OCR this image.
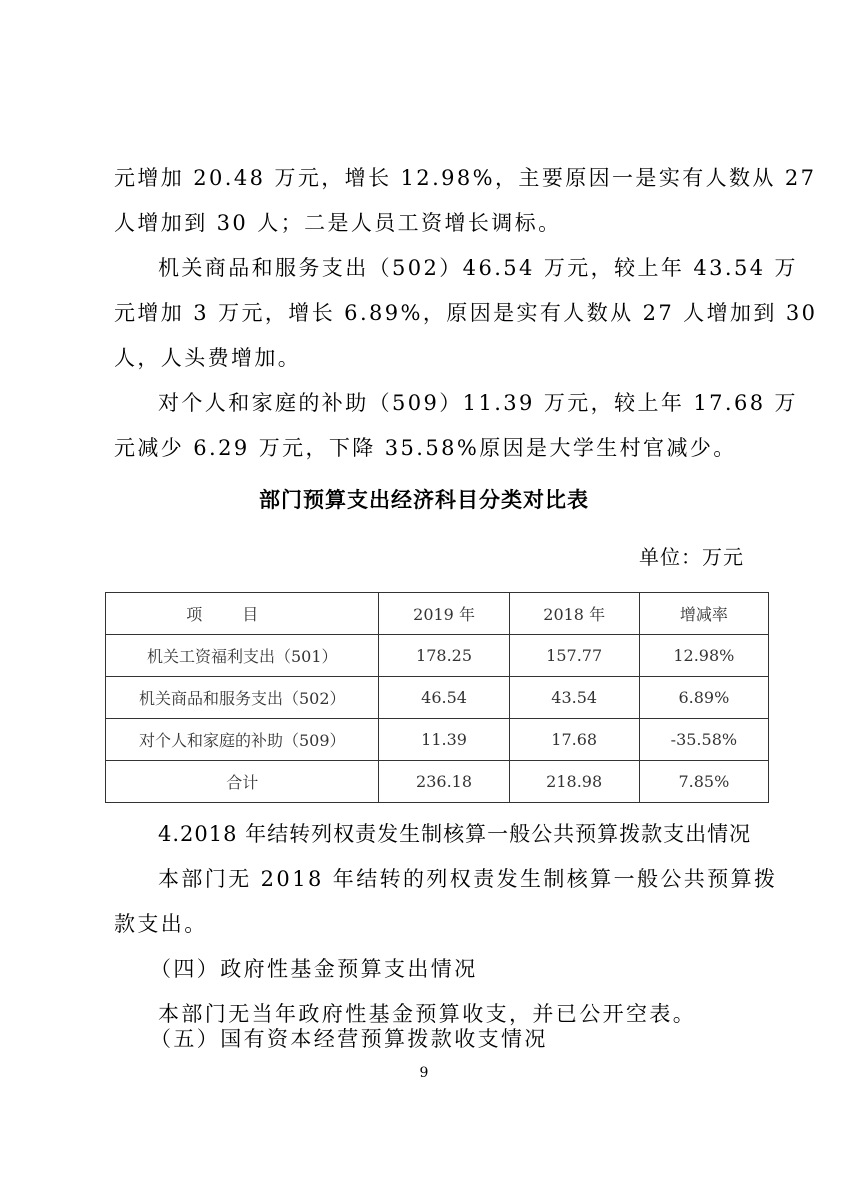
元增加 20.48 万元，增长 12.98%，主要原因一是实有人数从 27
人增加到 30 人；二是人员工资增长调标。
机关商品和服务支出（502）46.54 万元，较上年 43.54 万
元增加 3 万元，增长 6.89%，原因是实有人数从 27 人增加到 30
人，人头费增加。
对个人和家庭的补助（509）11.39 万元，较上年 17.68 万
元减少 6.29 万元，下降 35.58%原因是大学生村官减少。
部门预算支出经济科目分类对比表
单位：万元
项目	2019 年	2018 年	增减率
机关工资福利支出（501）	178.25	157.77	12.98%
机关商品和服务支出（502）	46.54	43.54	6.89%
对个人和家庭的补助（509）	11.39	17.68	-35.58%
合计	236.18	218.98	7.85%
4.2018 年结转列权责发生制核算一般公共预算拨款支出情况
本部门无 2018 年结转的列权责发生制核算一般公共预算拨
款支出。
（四）政府性基金预算支出情况
本部门无当年政府性基金预算收支，并已公开空表。
（五）国有资本经营预算拨款收支情况
9
